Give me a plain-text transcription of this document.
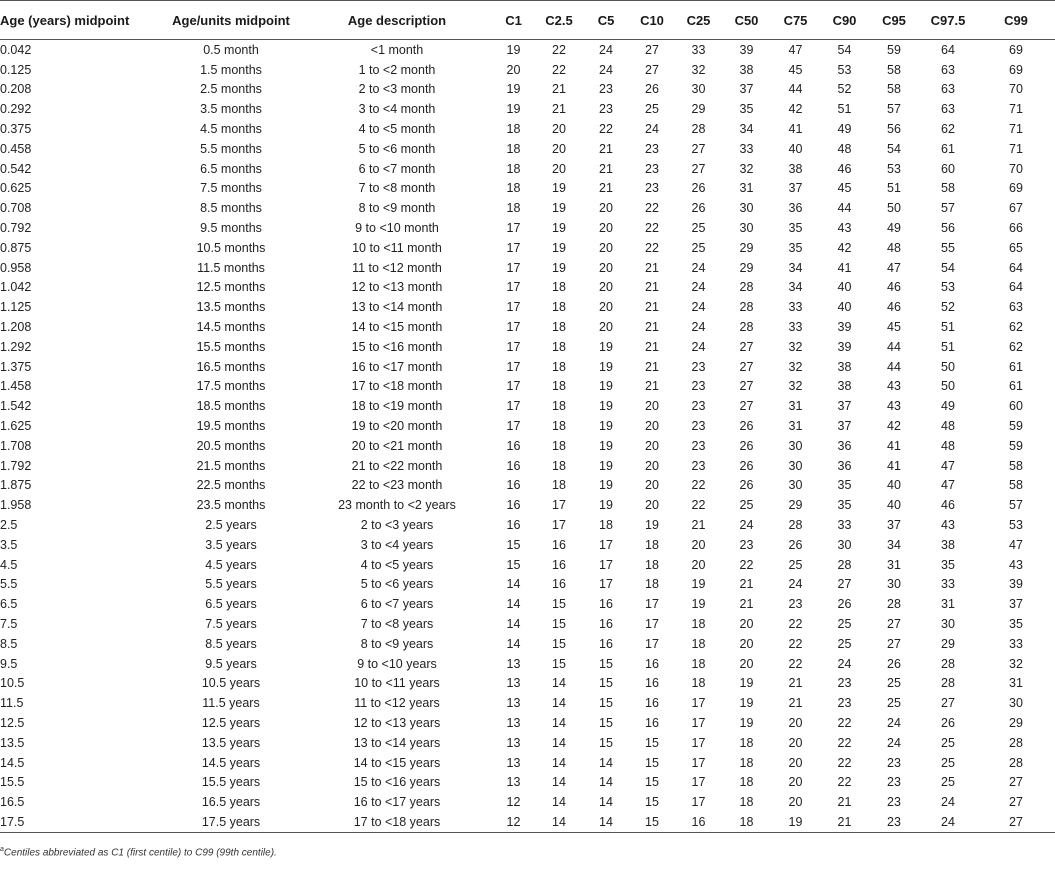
Age (years) midpoint	Age/units midpoint	Age description	C1	C2.5	C5	C10	C25	C50	C75	C90	C95	C97.5	C99
0.042	0.5 month	<1 month	19	22	24	27	33	39	47	54	59	64	69
0.125	1.5 months	1 to <2 month	20	22	24	27	32	38	45	53	58	63	69
0.208	2.5 months	2 to <3 month	19	21	23	26	30	37	44	52	58	63	70
0.292	3.5 months	3 to <4 month	19	21	23	25	29	35	42	51	57	63	71
0.375	4.5 months	4 to <5 month	18	20	22	24	28	34	41	49	56	62	71
0.458	5.5 months	5 to <6 month	18	20	21	23	27	33	40	48	54	61	71
0.542	6.5 months	6 to <7 month	18	20	21	23	27	32	38	46	53	60	70
0.625	7.5 months	7 to <8 month	18	19	21	23	26	31	37	45	51	58	69
0.708	8.5 months	8 to <9 month	18	19	20	22	26	30	36	44	50	57	67
0.792	9.5 months	9 to <10 month	17	19	20	22	25	30	35	43	49	56	66
0.875	10.5 months	10 to <11 month	17	19	20	22	25	29	35	42	48	55	65
0.958	11.5 months	11 to <12 month	17	19	20	21	24	29	34	41	47	54	64
1.042	12.5 months	12 to <13 month	17	18	20	21	24	28	34	40	46	53	64
1.125	13.5 months	13 to <14 month	17	18	20	21	24	28	33	40	46	52	63
1.208	14.5 months	14 to <15 month	17	18	20	21	24	28	33	39	45	51	62
1.292	15.5 months	15 to <16 month	17	18	19	21	24	27	32	39	44	51	62
1.375	16.5 months	16 to <17 month	17	18	19	21	23	27	32	38	44	50	61
1.458	17.5 months	17 to <18 month	17	18	19	21	23	27	32	38	43	50	61
1.542	18.5 months	18 to <19 month	17	18	19	20	23	27	31	37	43	49	60
1.625	19.5 months	19 to <20 month	17	18	19	20	23	26	31	37	42	48	59
1.708	20.5 months	20 to <21 month	16	18	19	20	23	26	30	36	41	48	59
1.792	21.5 months	21 to <22 month	16	18	19	20	23	26	30	36	41	47	58
1.875	22.5 months	22 to <23 month	16	18	19	20	22	26	30	35	40	47	58
1.958	23.5 months	23 month to <2 years	16	17	19	20	22	25	29	35	40	46	57
2.5	2.5 years	2 to <3 years	16	17	18	19	21	24	28	33	37	43	53
3.5	3.5 years	3 to <4 years	15	16	17	18	20	23	26	30	34	38	47
4.5	4.5 years	4 to <5 years	15	16	17	18	20	22	25	28	31	35	43
5.5	5.5 years	5 to <6 years	14	16	17	18	19	21	24	27	30	33	39
6.5	6.5 years	6 to <7 years	14	15	16	17	19	21	23	26	28	31	37
7.5	7.5 years	7 to <8 years	14	15	16	17	18	20	22	25	27	30	35
8.5	8.5 years	8 to <9 years	14	15	16	17	18	20	22	25	27	29	33
9.5	9.5 years	9 to <10 years	13	15	15	16	18	20	22	24	26	28	32
10.5	10.5 years	10 to <11 years	13	14	15	16	18	19	21	23	25	28	31
11.5	11.5 years	11 to <12 years	13	14	15	16	17	19	21	23	25	27	30
12.5	12.5 years	12 to <13 years	13	14	15	16	17	19	20	22	24	26	29
13.5	13.5 years	13 to <14 years	13	14	15	15	17	18	20	22	24	25	28
14.5	14.5 years	14 to <15 years	13	14	14	15	17	18	20	22	23	25	28
15.5	15.5 years	15 to <16 years	13	14	14	15	17	18	20	22	23	25	27
16.5	16.5 years	16 to <17 years	12	14	14	15	17	18	20	21	23	24	27
17.5	17.5 years	17 to <18 years	12	14	14	15	16	18	19	21	23	24	27
$^a$Centiles abbreviated as C1 (first centile) to C99 (99th centile).
